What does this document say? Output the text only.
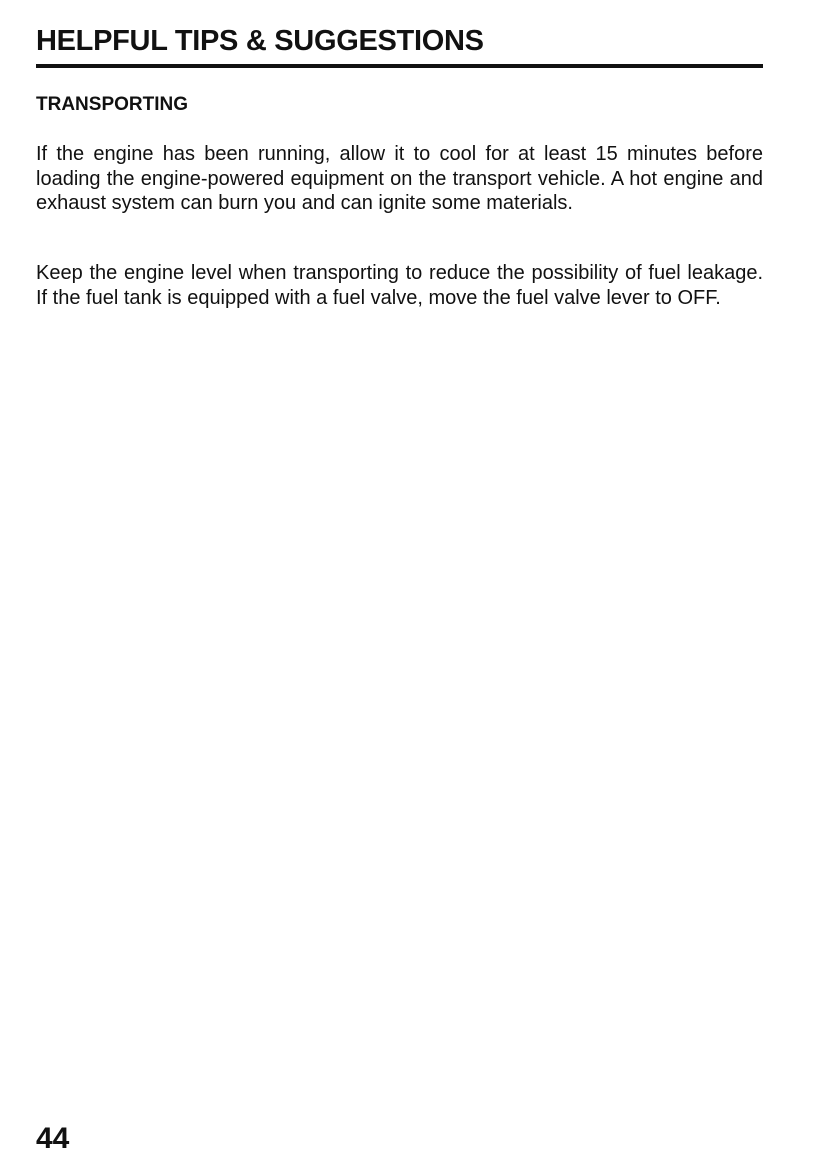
HELPFUL TIPS & SUGGESTIONS
TRANSPORTING

If the engine has been running, allow it to cool for at least 15 minutes before loading the engine-powered equipment on the transport vehicle. A hot engine and exhaust system can burn you and can ignite some materials.

Keep the engine level when transporting to reduce the possibility of fuel leakage. If the fuel tank is equipped with a fuel valve, move the fuel valve lever to OFF.

44
